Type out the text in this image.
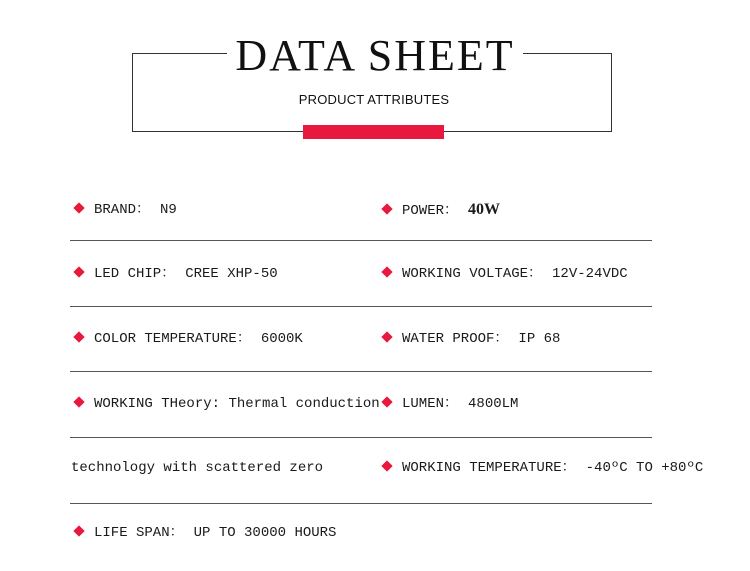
DATA SHEET
PRODUCT ATTRIBUTES
BRAND： N9	POWER： 40W
LED CHIP： CREE XHP-50	WORKING VOLTAGE： 12V-24VDC
COLOR TEMPERATURE： 6000K	WATER PROOF： IP 68
WORKING THeory: Thermal conduction	LUMEN： 4800LM
technology with scattered zero	WORKING TEMPERATURE： -40ºC TO +80ºC
LIFE SPAN： UP TO 30000 HOURS
